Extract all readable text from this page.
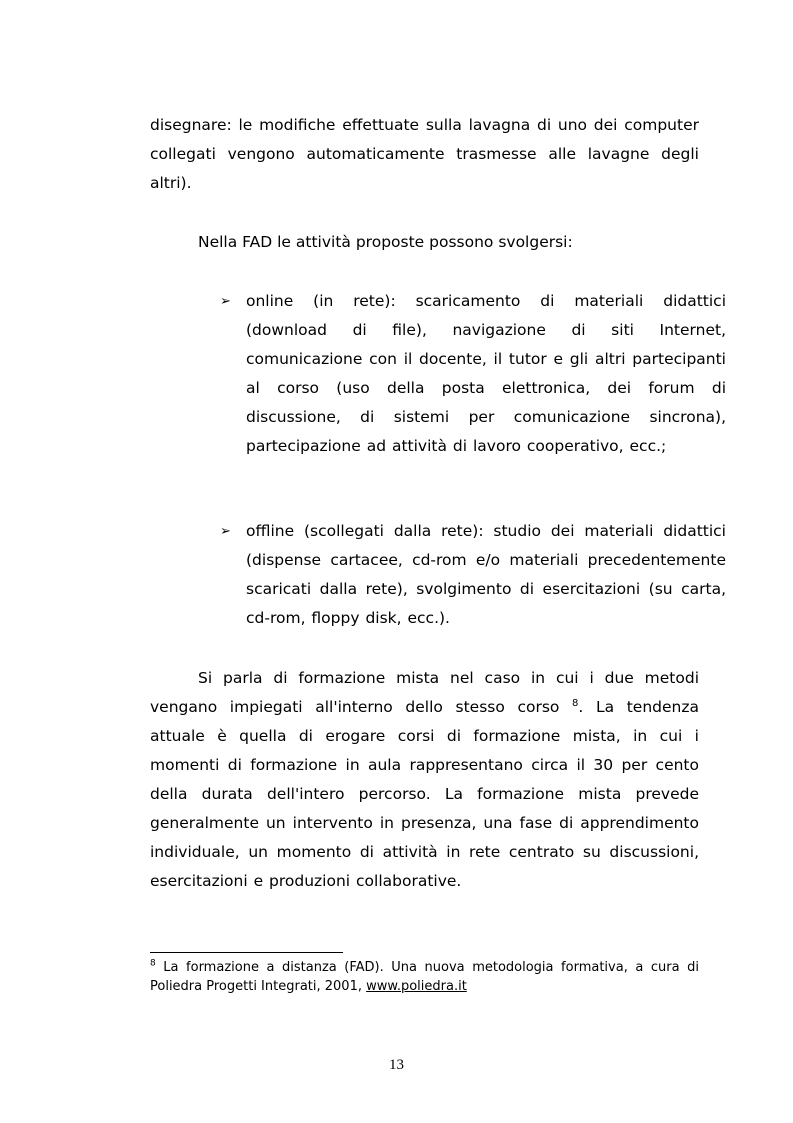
disegnare: le modifiche effettuate sulla lavagna di uno dei computer collegati vengono automaticamente trasmesse alle lavagne degli altri).

Nella FAD le attività proposte possono svolgersi:

➢ online (in rete): scaricamento di materiali didattici (download di file), navigazione di siti Internet, comunicazione con il docente, il tutor e gli altri partecipanti al corso (uso della posta elettronica, dei forum di discussione, di sistemi per comunicazione sincrona), partecipazione ad attività di lavoro cooperativo, ecc.;
➢ offline (scollegati dalla rete): studio dei materiali didattici (dispense cartacee, cd-rom e/o materiali precedentemente scaricati dalla rete), svolgimento di esercitazioni (su carta, cd-rom, floppy disk, ecc.).

Si parla di formazione mista nel caso in cui i due metodi vengano impiegati all'interno dello stesso corso $^8$. La tendenza attuale è quella di erogare corsi di formazione mista, in cui i momenti di formazione in aula rappresentano circa il 30 per cento della durata dell'intero percorso. La formazione mista prevede generalmente un intervento in presenza, una fase di apprendimento individuale, un momento di attività in rete centrato su discussioni, esercitazioni e produzioni collaborative.

$^8$ La formazione a distanza (FAD). Una nuova metodologia formativa, a cura di Poliedra Progetti Integrati, 2001, www.poliedra.it

13
